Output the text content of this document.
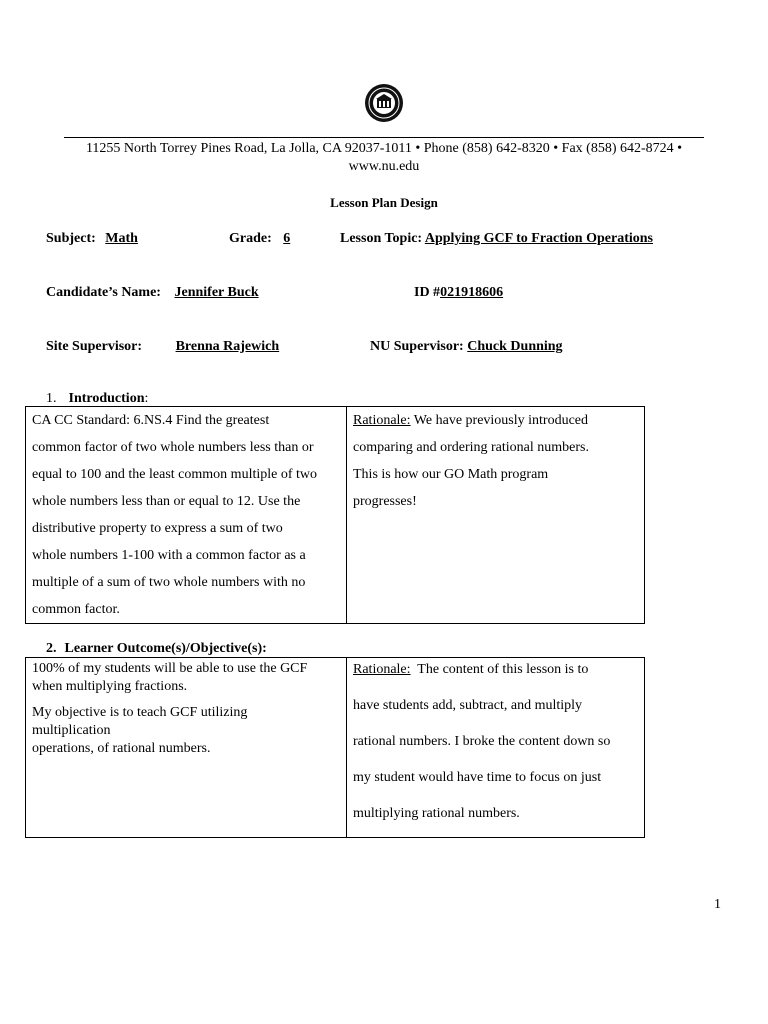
11255 North Torrey Pines Road, La Jolla, CA 92037-1011 • Phone (858) 642-8320 • Fax (858) 642-8724 •
www.nu.edu
Lesson Plan Design
Subject: Math	Grade: 6	Lesson Topic: Applying GCF to Fraction Operations
Candidate’s Name: Jennifer Buck	ID #021918606
Site Supervisor: Brenna Rajewich	NU Supervisor: Chuck Dunning
1. Introduction:
CA CC Standard: 6.NS.4 Find the greatest
common factor of two whole numbers less than or
equal to 100 and the least common multiple of two
whole numbers less than or equal to 12. Use the
distributive property to express a sum of two
whole numbers 1-100 with a common factor as a
multiple of a sum of two whole numbers with no
common factor.

Rationale: We have previously introduced
comparing and ordering rational numbers.
This is how our GO Math program
progresses!
2. Learner Outcome(s)/Objective(s):
100% of my students will be able to use the GCF
when multiplying fractions.
My objective is to teach GCF utilizing
multiplication
operations, of rational numbers.

Rationale: The content of this lesson is to
have students add, subtract, and multiply
rational numbers. I broke the content down so
my student would have time to focus on just
multiplying rational numbers.
1
